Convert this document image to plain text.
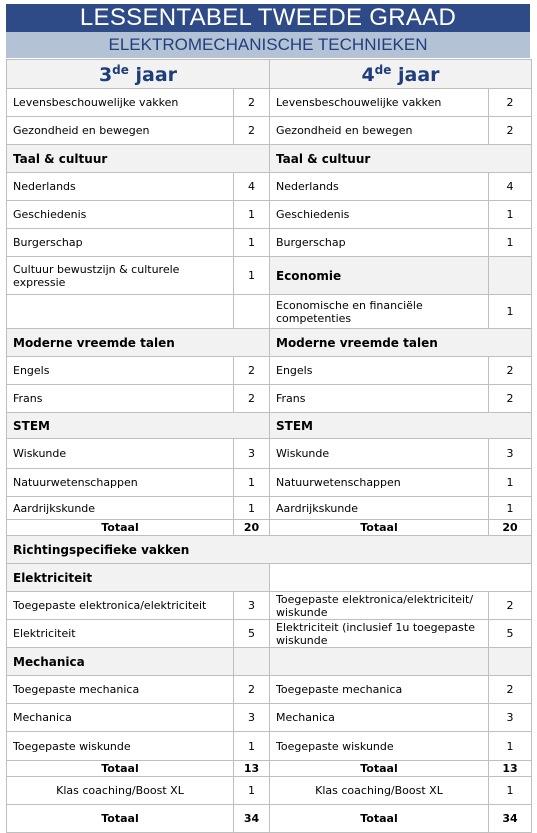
LESSENTABEL TWEEDE GRAAD
ELEKTROMECHANISCHE TECHNIEKEN
3de jaar		4de jaar	
Levensbeschouwelijke vakken	2	Levensbeschouwelijke vakken	2
Gezondheid en bewegen	2	Gezondheid en bewegen	2
Taal & cultuur		Taal & cultuur	
Nederlands	4	Nederlands	4
Geschiedenis	1	Geschiedenis	1
Burgerschap	1	Burgerschap	1
Cultuur bewustzijn & culturele expressie	1	Economie	
		Economische en financiële competenties	1
Moderne vreemde talen		Moderne vreemde talen	
Engels	2	Engels	2
Frans	2	Frans	2
STEM		STEM	
Wiskunde	3	Wiskunde	3
Natuurwetenschappen	1	Natuurwetenschappen	1
Aardrijkskunde	1	Aardrijkskunde	1
Totaal	20	Totaal	20
Richtingspecifieke vakken			
Elektriciteit			
Toegepaste elektronica/elektriciteit	3	Toegepaste elektronica/elektriciteit/ wiskunde	2
Elektriciteit	5	Elektriciteit (inclusief 1u toegepaste wiskunde	5
Mechanica			
Toegepaste mechanica	2	Toegepaste mechanica	2
Mechanica	3	Mechanica	3
Toegepaste wiskunde	1	Toegepaste wiskunde	1
Totaal	13	Totaal	13
Klas coaching/Boost XL	1	Klas coaching/Boost XL	1
Totaal	34	Totaal	34
